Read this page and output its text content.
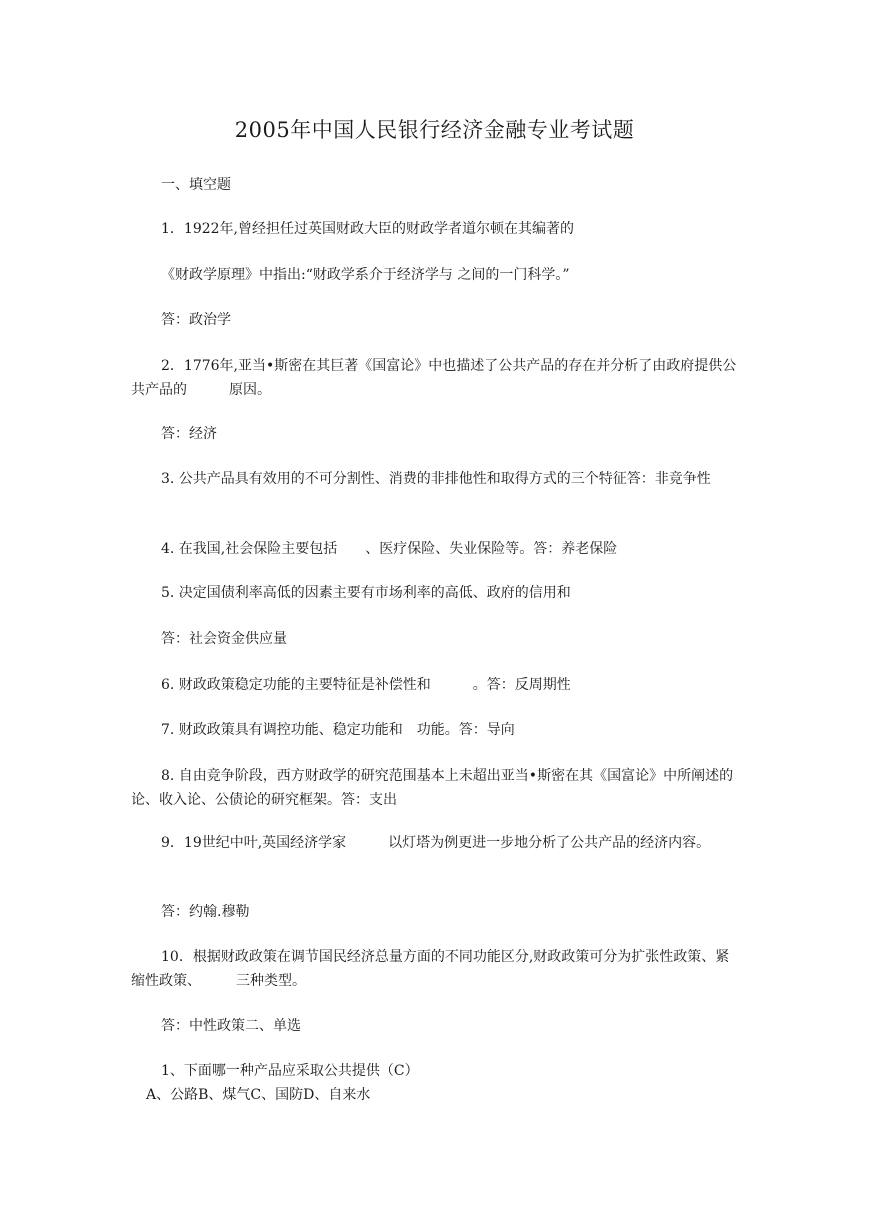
2005年中国人民银行经济金融专业考试题
一、填空题
1．1922年,曾经担任过英国财政大臣的财政学者道尔顿在其编著的
《财政学原理》中指出:“财政学系介于经济学与 之间的一门科学。”
答：政治学
2．1776年,亚当•斯密在其巨著《国富论》中也描述了公共产品的存在并分析了由政府提供公共产品的　　　原因。
答：经济
3. 公共产品具有效用的不可分割性、消费的非排他性和取得方式的三个特征答：非竞争性
4. 在我国,社会保险主要包括　　、医疗保险、失业保险等。答：养老保险
5. 决定国债利率高低的因素主要有市场利率的高低、政府的信用和
答：社会资金供应量
6. 财政政策稳定功能的主要特征是补偿性和　　　。答：反周期性
7. 财政政策具有调控功能、稳定功能和　功能。答：导向
8. 自由竞争阶段，西方财政学的研究范围基本上未超出亚当•斯密在其《国富论》中所阐述的　　　论、收入论、公债论的研究框架。答：支出
9．19世纪中叶,英国经济学家　　　以灯塔为例更进一步地分析了公共产品的经济内容。
答：约翰.穆勒
10．根据财政政策在调节国民经济总量方面的不同功能区分,财政政策可分为扩张性政策、紧缩性政策、　　　三种类型。
答：中性政策二、单选
1、下面哪一种产品应采取公共提供（C）
A、公路B、煤气C、国防D、自来水
